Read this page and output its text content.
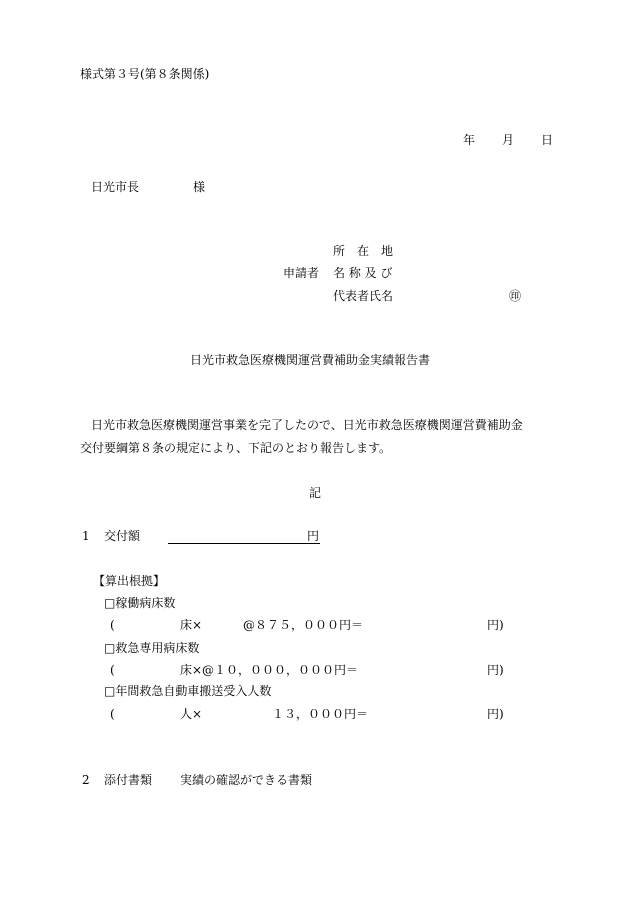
様式第３号(第８条関係)
年 月 日
日光市長	様
所　在　地
申請者 名 称 及 び
代表者氏名	㊞
日光市救急医療機関運営費補助金実績報告書
日光市救急医療機関運営事業を完了したので、日光市救急医療機関運営費補助金
交付要綱第８条の規定により、下記のとおり報告します。
記
1 交付額	円
【算出根拠】
□稼働病床数
(	床×	@８７５，０００円＝	円)
□救急専用病床数
(	床×@１０，０００，０００円＝	円)
□年間救急自動車搬送受入人数
(	人×	１３，０００円＝	円)
2 添付書類 実績の確認ができる書類
